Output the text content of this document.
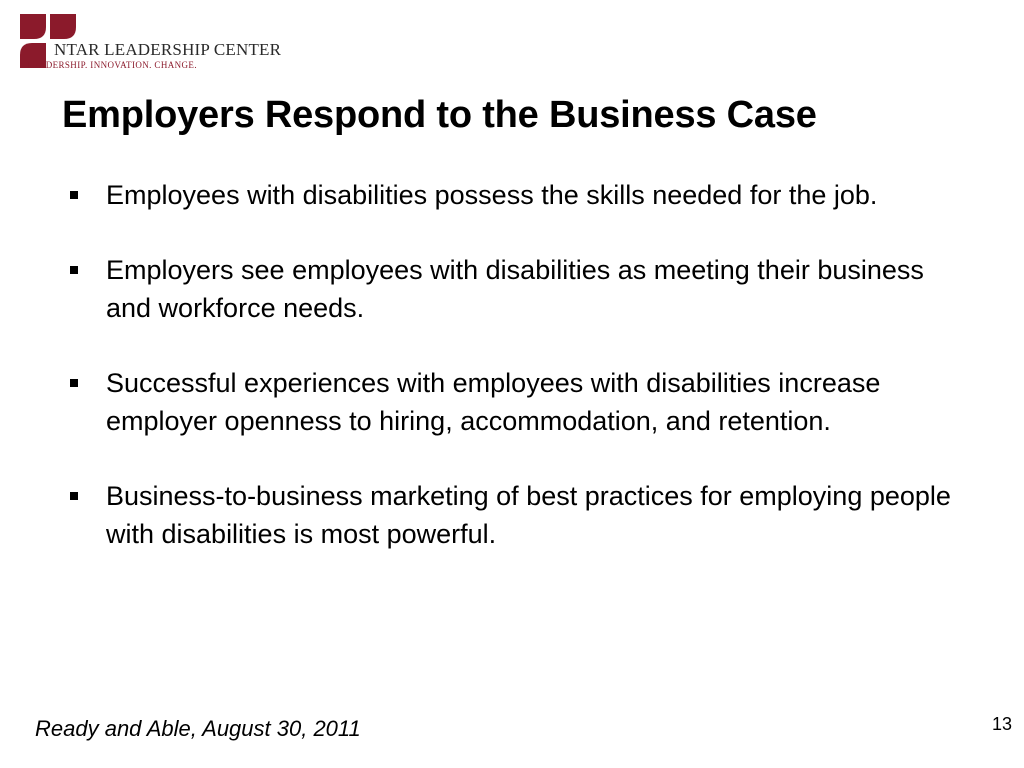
NTAR LEADERSHIP CENTER
LEADERSHIP. INNOVATION. CHANGE.
Employers Respond to the Business Case
Employees with disabilities possess the skills needed for the job.
Employers see employees with disabilities as meeting their business and workforce needs.
Successful experiences with employees with disabilities increase employer openness to hiring, accommodation, and retention.
Business-to-business marketing of best practices for employing people with disabilities is most powerful.
Ready and Able, August 30, 2011	13
